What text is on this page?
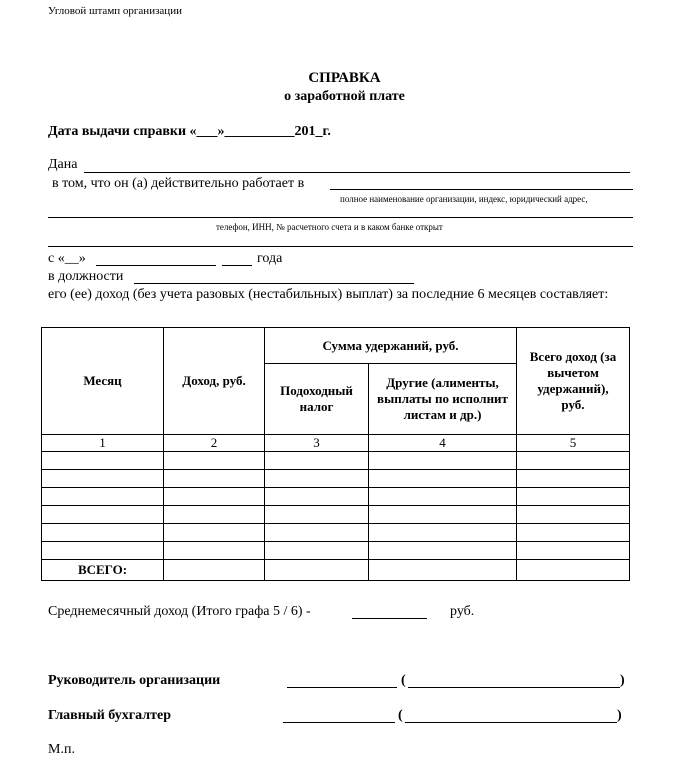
Угловой штамп организации
СПРАВКА
о заработной плате
Дата выдачи справки «___»__________201_г.
Дана
в том, что он (а) действительно работает в
полное наименование организации, индекс, юридический адрес,
телефон, ИНН, № расчетного счета и в каком банке открыт
с «__»	года
в должности
его (ее) доход (без учета разовых (нестабильных) выплат) за последние 6 месяцев составляет:
Месяц	Доход, руб.	Сумма удержаний, руб.		Всего доход (за вычетом удержаний), руб.
		Подоходный налог	Другие (алименты, выплаты по исполнит листам и др.)	
1	2	3	4	5

ВСЕГО:				
Среднемесячный доход (Итого графа 5 / 6) -	руб.
Руководитель организации	(	)
Главный бухгалтер	(	)
М.п.
